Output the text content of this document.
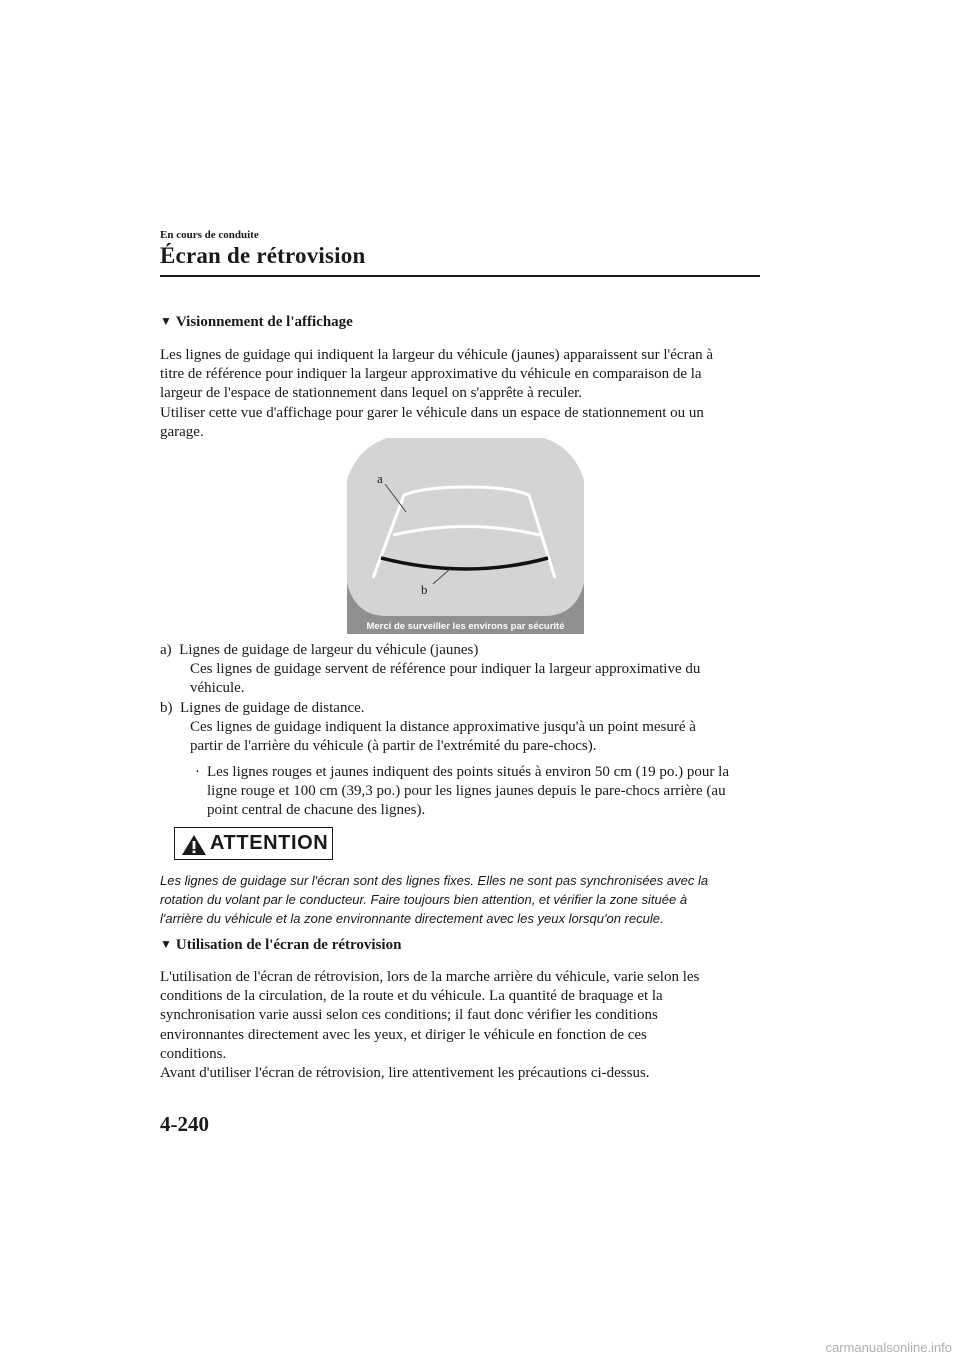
En cours de conduite
Écran de rétrovision
▼ Visionnement de l'affichage
Les lignes de guidage qui indiquent la largeur du véhicule (jaunes) apparaissent sur l'écran à
titre de référence pour indiquer la largeur approximative du véhicule en comparaison de la
largeur de l'espace de stationnement dans lequel on s'apprête à reculer.
Utiliser cette vue d'affichage pour garer le véhicule dans un espace de stationnement ou un
garage.
a
b
Merci de surveiller les environs par sécurité
a) Lignes de guidage de largeur du véhicule (jaunes)
Ces lignes de guidage servent de référence pour indiquer la largeur approximative du
véhicule.
b) Lignes de guidage de distance.
Ces lignes de guidage indiquent la distance approximative jusqu'à un point mesuré à
partir de l'arrière du véhicule (à partir de l'extrémité du pare-chocs).
· Les lignes rouges et jaunes indiquent des points situés à environ 50 cm (19 po.) pour la
ligne rouge et 100 cm (39,3 po.) pour les lignes jaunes depuis le pare-chocs arrière (au
point central de chacune des lignes).
ATTENTION
Les lignes de guidage sur l'écran sont des lignes fixes. Elles ne sont pas synchronisées avec la
rotation du volant par le conducteur. Faire toujours bien attention, et vérifier la zone située à
l'arrière du véhicule et la zone environnante directement avec les yeux lorsqu'on recule.
▼ Utilisation de l'écran de rétrovision
L'utilisation de l'écran de rétrovision, lors de la marche arrière du véhicule, varie selon les
conditions de la circulation, de la route et du véhicule. La quantité de braquage et la
synchronisation varie aussi selon ces conditions; il faut donc vérifier les conditions
environnantes directement avec les yeux, et diriger le véhicule en fonction de ces
conditions.
Avant d'utiliser l'écran de rétrovision, lire attentivement les précautions ci-dessus.
4-240
carmanualsonline.info
